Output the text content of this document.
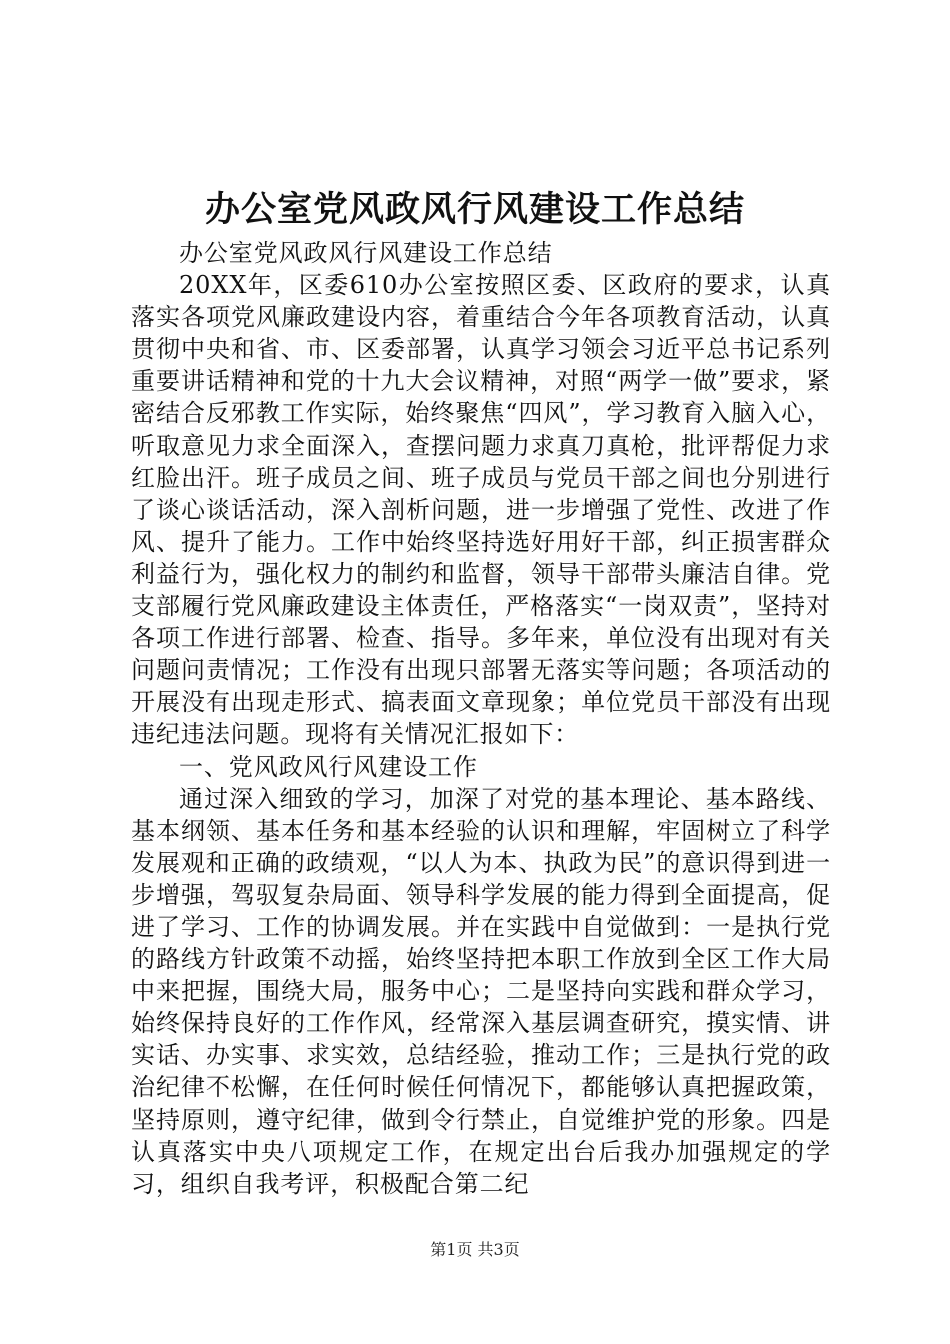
办公室党风政风行风建设工作总结

办公室党风政风行风建设工作总结

20XX年，区委610办公室按照区委、区政府的要求，认真落实各项党风廉政建设内容，着重结合今年各项教育活动，认真贯彻中央和省、市、区委部署，认真学习领会习近平总书记系列重要讲话精神和党的十九大会议精神，对照“两学一做”要求，紧密结合反邪教工作实际，始终聚焦“四风”，学习教育入脑入心，听取意见力求全面深入，查摆问题力求真刀真枪，批评帮促力求红脸出汗。班子成员之间、班子成员与党员干部之间也分别进行了谈心谈话活动，深入剖析问题，进一步增强了党性、改进了作风、提升了能力。工作中始终坚持选好用好干部，纠正损害群众利益行为，强化权力的制约和监督，领导干部带头廉洁自律。党支部履行党风廉政建设主体责任，严格落实“一岗双责”，坚持对各项工作进行部署、检查、指导。多年来，单位没有出现对有关问题问责情况；工作没有出现只部署无落实等问题；各项活动的开展没有出现走形式、搞表面文章现象；单位党员干部没有出现违纪违法问题。现将有关情况汇报如下：

一、党风政风行风建设工作

通过深入细致的学习，加深了对党的基本理论、基本路线、基本纲领、基本任务和基本经验的认识和理解，牢固树立了科学发展观和正确的政绩观，“以人为本、执政为民”的意识得到进一步增强，驾驭复杂局面、领导科学发展的能力得到全面提高，促进了学习、工作的协调发展。并在实践中自觉做到：一是执行党的路线方针政策不动摇，始终坚持把本职工作放到全区工作大局中来把握，围绕大局，服务中心；二是坚持向实践和群众学习，始终保持良好的工作作风，经常深入基层调查研究，摸实情、讲实话、办实事、求实效，总结经验，推动工作；三是执行党的政治纪律不松懈，在任何时候任何情况下，都能够认真把握政策，坚持原则，遵守纪律，做到令行禁止，自觉维护党的形象。四是认真落实中央八项规定工作，在规定出台后我办加强规定的学习，组织自我考评，积极配合第二纪

第1页 共3页
